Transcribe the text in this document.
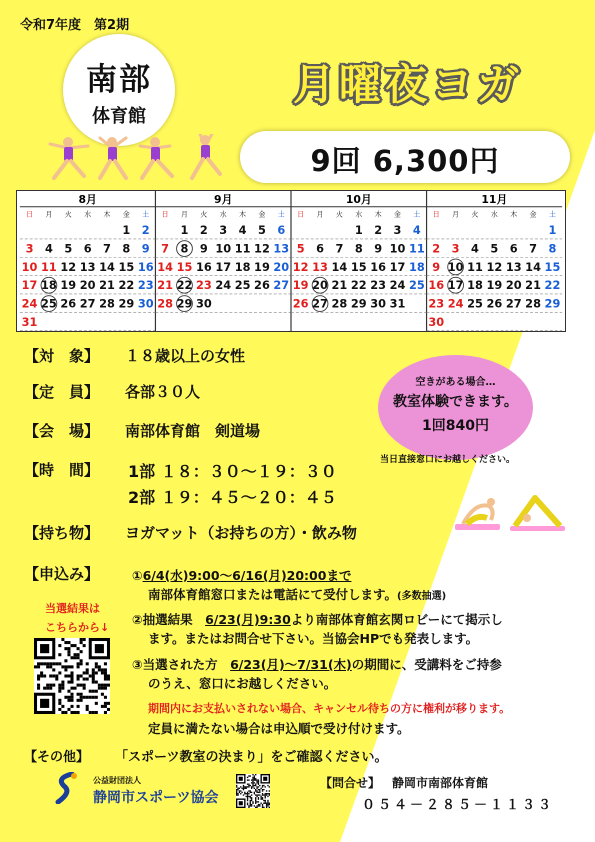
令和7年度　第2期
南部
体育館
月曜夜ヨガ
9回 6,300円
8月
日 月 火 水 木 金 土
1 2
3 4 5 6 7 8 9
10 11 12 13 14 15 16
17 18 19 20 21 22 23
24 25 26 27 28 29 30
31
9月
日 月 火 水 木 金 土
1 2 3 4 5 6
7 8 9 10 11 12 13
14 15 16 17 18 19 20
21 22 23 24 25 26 27
28 29 30
10月
日 月 火 水 木 金 土
1 2 3 4
5 6 7 8 9 10 11
12 13 14 15 16 17 18
19 20 21 22 23 24 25
26 27 28 29 30 31
11月
日 月 火 水 木 金 土
1
2 3 4 5 6 7 8
9 10 11 12 13 14 15
16 17 18 19 20 21 22
23 24 25 26 27 28 29
30
【対　象】 １８歳以上の女性
【定　員】 各部３０人
【会　場】 南部体育館　剣道場
【時　間】 1部 １８：３０～１９：３０
2部 １９：４５～２０：４５
【持ち物】 ヨガマット（お持ちの方）・飲み物
【申込み】
空きがある場合…
教室体験できます。
1回840円
当日直接窓口にお越しください。
①6/4(水)9:00～6/16(月)20:00まで
南部体育館窓口または電話にて受付します。(多数抽選)
②抽選結果　6/23(月)9:30より南部体育館玄関ロビーにて掲示し
ます。またはお問合せ下さい。当協会HPでも発表します。
③当選された方　6/23(月)～7/31(木)の期間に、受講料をご持参
のうえ、窓口にお越しください。
期間内にお支払いされない場合、キャンセル待ちの方に権利が移ります。
定員に満たない場合は申込順で受け付けます。
当選結果は
こちらから↓
【その他】 「スポーツ教室の決まり」をご確認ください。
公益財団法人
静岡市スポーツ協会
【問合せ】 静岡市南部体育館
０５４－２８５－１１３３
